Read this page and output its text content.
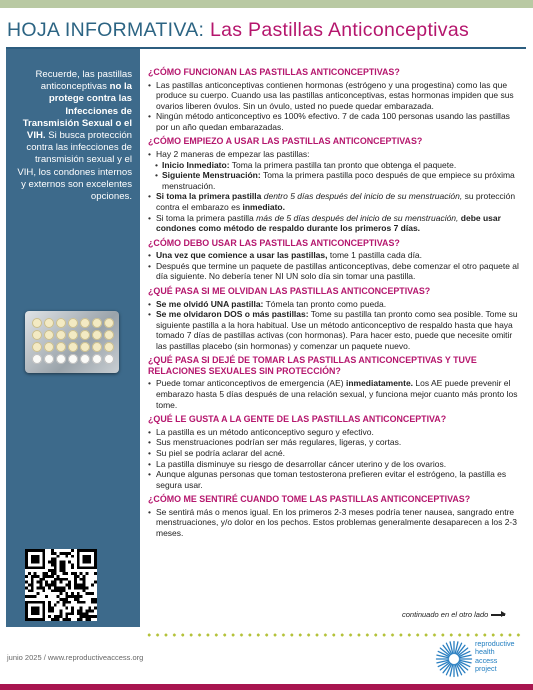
HOJA INFORMATIVA: Las Pastillas Anticonceptivas
Recuerde, las pastillas anticonceptivas no la protege contra las Infecciones de Transmisión Sexual o el VIH. Si busca protección contra las infecciones de transmisión sexual y el VIH, los condones internos y externos son excelentes opciones.
¿CÓMO FUNCIONAN LAS PASTILLAS ANTICONCEPTIVAS?
• Las pastillas anticonceptivas contienen hormonas (estrógeno y una progestina) como las que produce su cuerpo. Cuando usa las pastillas anticonceptivas, estas hormonas impiden que sus ovarios liberen óvulos. Sin un óvulo, usted no puede quedar embarazada.
• Ningún método anticonceptivo es 100% efectivo. 7 de cada 100 personas usando las pastillas por un año quedan embarazadas.
¿CÓMO EMPIEZO A USAR LAS PASTILLAS ANTICONCEPTIVAS?
• Hay 2 maneras de empezar las pastillas:
• Inicio Inmediato: Toma la primera pastilla tan pronto que obtenga el paquete.
• Siguiente Menstruación: Toma la primera pastilla poco después de que empiece su próxima menstruación.
• Si toma la primera pastilla dentro 5 días después del inicio de su menstruación, su protección contra el embarazo es inmediato.
• Si toma la primera pastilla más de 5 días después del inicio de su menstruación, debe usar condones como método de respaldo durante los primeros 7 días.
¿CÓMO DEBO USAR LAS PASTILLAS ANTICONCEPTIVAS?
• Una vez que comience a usar las pastillas, tome 1 pastilla cada día.
• Después que termine un paquete de pastillas anticonceptivas, debe comenzar el otro paquete al día siguiente. No debería tener NI UN solo día sin tomar una pastilla.
¿QUÉ PASA SI ME OLVIDAN LAS PASTILLAS ANTICONCEPTIVAS?
• Se me olvidó UNA pastilla: Tómela tan pronto como pueda.
• Se me olvidaron DOS o más pastillas: Tome su pastilla tan pronto como sea posible. Tome su siguiente pastilla a la hora habitual. Use un método anticonceptivo de respaldo hasta que haya tomado 7 días de pastillas activas (con hormonas). Para hacer esto, puede que necesite omitir las pastillas placebo (sin hormonas) y comenzar un paquete nuevo.
¿QUÉ PASA SI DEJÉ DE TOMAR LAS PASTILLAS ANTICONCEPTIVAS Y TUVE RELACIONES SEXUALES SIN PROTECCIÓN?
• Puede tomar anticonceptivos de emergencia (AE) inmediatamente. Los AE puede prevenir el embarazo hasta 5 días después de una relación sexual, y funciona mejor cuanto más pronto los tome.
¿QUÉ LE GUSTA A LA GENTE DE LAS PASTILLAS ANTICONCEPTIVA?
• La pastilla es un método anticonceptivo seguro y efectivo.
• Sus menstruaciones podrían ser más regulares, ligeras, y cortas.
• Su piel se podría aclarar del acné.
• La pastilla disminuye su riesgo de desarrollar cáncer uterino y de los ovarios.
• Aunque algunas personas que toman testosterona prefieren evitar el estrógeno, la pastilla es segura usar.
¿CÓMO ME SENTIRÉ CUANDO TOME LAS PASTILLAS ANTICONCEPTIVAS?
• Se sentirá más o menos igual. En los primeros 2-3 meses podría tener nausea, sangrado entre menstruaciones, y/o dolor en los pechos. Estos problemas generalmente desaparecen a los 2-3 meses.
continuado en el otro lado
junio 2025 / www.reproductiveaccess.org
reproductive
health
access
project
